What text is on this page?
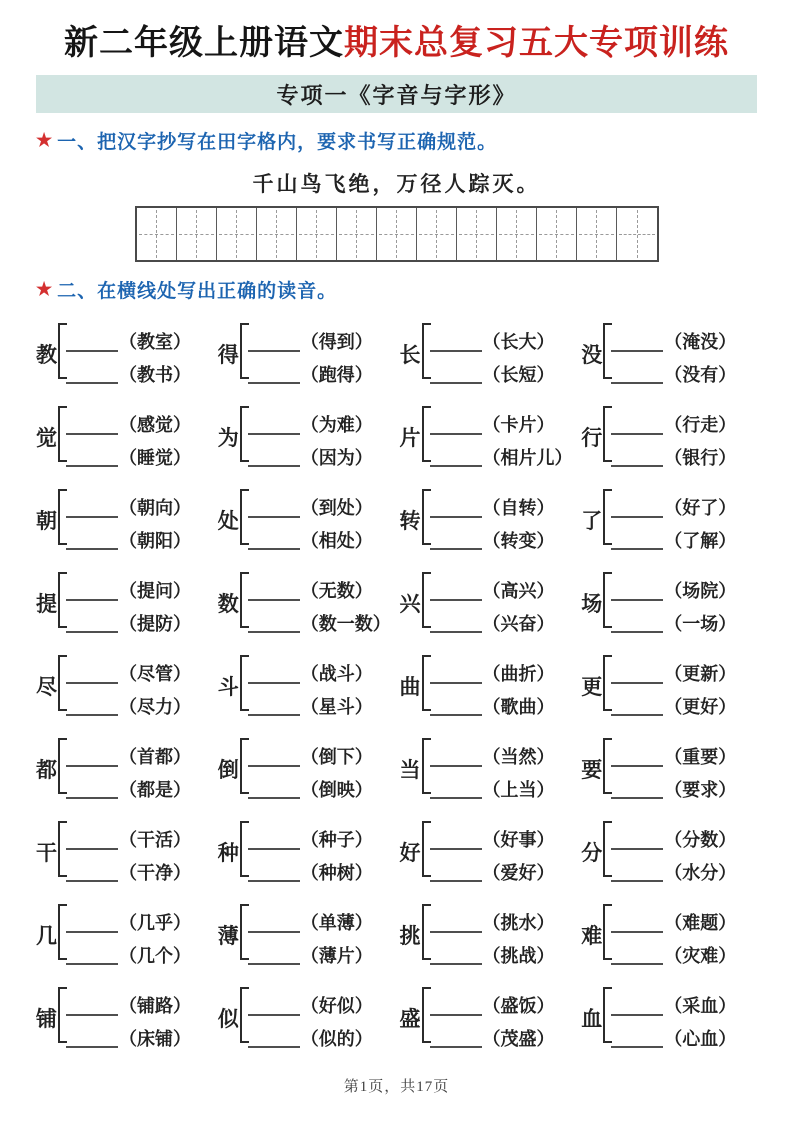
新二年级上册语文期末总复习五大专项训练
专项一《字音与字形》
★ 一、把汉字抄写在田字格内，要求书写正确规范。
千山鸟飞绝，万径人踪灭。
★ 二、在横线处写出正确的读音。
教
（教室）
（教书）
得
（得到）
（跑得）
长
（长大）
（长短）
没
（淹没）
（没有）
觉
（感觉）
（睡觉）
为
（为难）
（因为）
片
（卡片）
（相片儿）
行
（行走）
（银行）
朝
（朝向）
（朝阳）
处
（到处）
（相处）
转
（自转）
（转变）
了
（好了）
（了解）
提
（提问）
（提防）
数
（无数）
（数一数）
兴
（高兴）
（兴奋）
场
（场院）
（一场）
尽
（尽管）
（尽力）
斗
（战斗）
（星斗）
曲
（曲折）
（歌曲）
更
（更新）
（更好）
都
（首都）
（都是）
倒
（倒下）
（倒映）
当
（当然）
（上当）
要
（重要）
（要求）
干
（干活）
（干净）
种
（种子）
（种树）
好
（好事）
（爱好）
分
（分数）
（水分）
几
（几乎）
（几个）
薄
（单薄）
（薄片）
挑
（挑水）
（挑战）
难
（难题）
（灾难）
铺
（铺路）
（床铺）
似
（好似）
（似的）
盛
（盛饭）
（茂盛）
血
（采血）
（心血）
第1页，共17页
